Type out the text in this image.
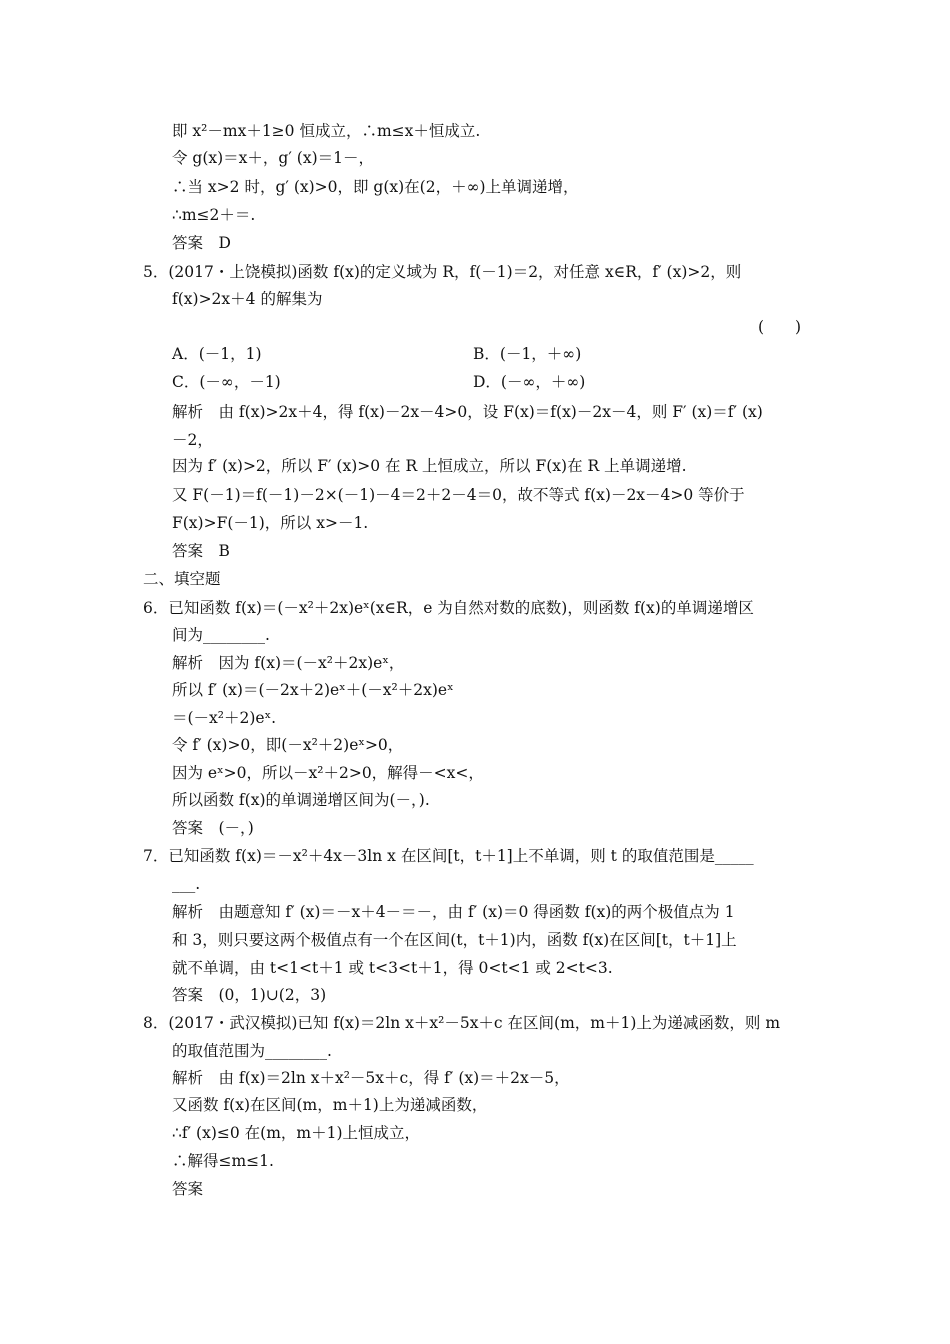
即 x²－mx＋1≥0 恒成立，∴m≤x＋恒成立.
令 g(x)＝x＋，g′ (x)＝1－，
∴当 x>2 时，g′ (x)>0，即 g(x)在(2，＋∞)上单调递增，
∴m≤2＋＝.
答案　D
5．(2017・上饶模拟)函数 f(x)的定义域为 R，f(－1)＝2，对任意 x∈R，f′ (x)>2，则
f(x)>2x＋4 的解集为
解析　由 f(x)>2x＋4，得 f(x)－2x－4>0，设 F(x)＝f(x)－2x－4，则 F′ (x)＝f′ (x)
－2，
因为 f′ (x)>2，所以 F′ (x)>0 在 R 上恒成立，所以 F(x)在 R 上单调递增.
又 F(－1)＝f(－1)－2×(－1)－4＝2＋2－4＝0，故不等式 f(x)－2x－4>0 等价于
F(x)>F(－1)，所以 x>－1.
答案　B
二、填空题
6．已知函数 f(x)＝(－x²＋2x)eˣ(x∈R，e 为自然对数的底数)，则函数 f(x)的单调递增区
间为________.
解析　因为 f(x)＝(－x²＋2x)eˣ，
所以 f′ (x)＝(－2x＋2)eˣ＋(－x²＋2x)eˣ
＝(－x²＋2)eˣ.
令 f′ (x)>0，即(－x²＋2)eˣ>0，
因为 eˣ>0，所以－x²＋2>0，解得－<x<，
所以函数 f(x)的单调递增区间为(－，).
答案　(－，)
7．已知函数 f(x)＝－x²＋4x－3ln x 在区间[t，t＋1]上不单调，则 t 的取值范围是_____
___.
解析　由题意知 f′ (x)＝－x＋4－＝－，由 f′ (x)＝0 得函数 f(x)的两个极值点为 1
和 3，则只要这两个极值点有一个在区间(t，t＋1)内，函数 f(x)在区间[t，t＋1]上
就不单调，由 t<1<t＋1 或 t<3<t＋1，得 0<t<1 或 2<t<3.
答案　(0，1)∪(2，3)
8．(2017・武汉模拟)已知 f(x)＝2ln x＋x²－5x＋c 在区间(m，m＋1)上为递减函数，则 m
的取值范围为________.
解析　由 f(x)＝2ln x＋x²－5x＋c，得 f′ (x)＝＋2x－5，
又函数 f(x)在区间(m，m＋1)上为递减函数，
∴f′ (x)≤0 在(m，m＋1)上恒成立，
∴解得≤m≤1.
答案
(　　)
A．(－1，1)	B．(－1，＋∞)
C．(－∞，－1)	D．(－∞，＋∞)
